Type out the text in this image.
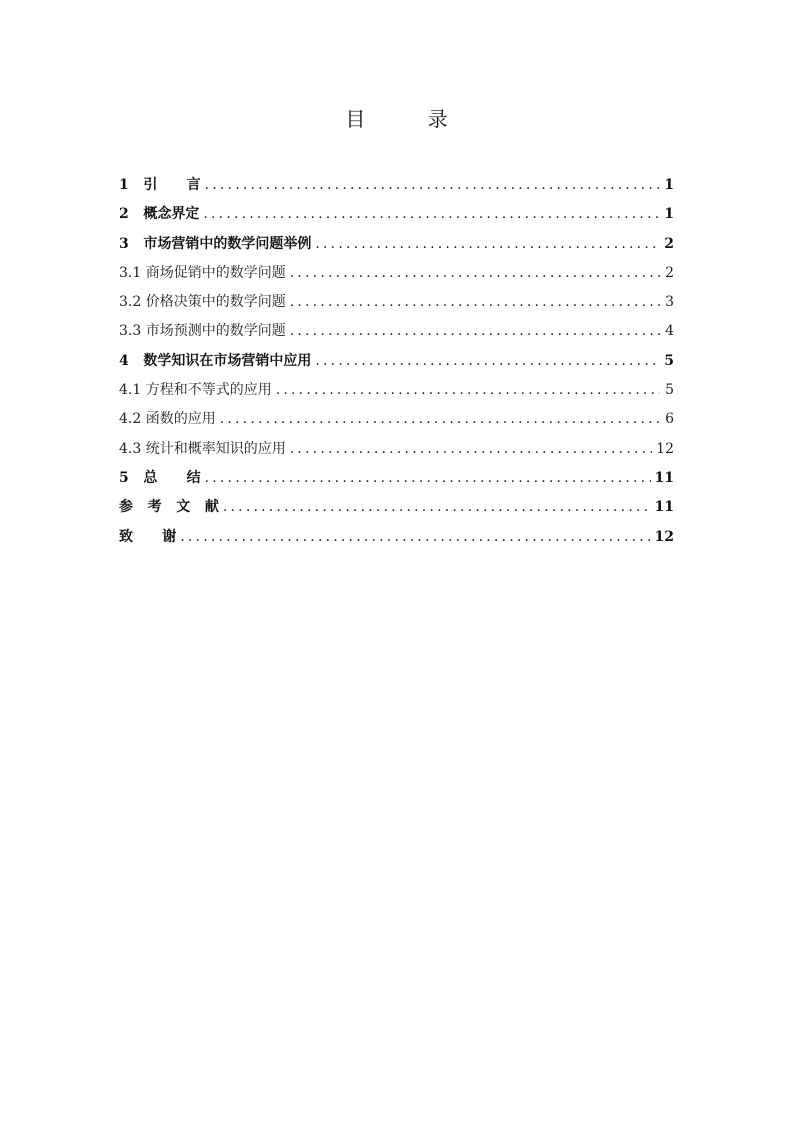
目 录
1   引      言 .....	1
2   概念界定 .....	1
3   市场营销中的数学问题举例 .....	2
3.1 商场促销中的数学问题 .....	2
3.2 价格决策中的数学问题 .....	3
3.3 市场预测中的数学问题 .....	4
4   数学知识在市场营销中应用 .....	5
4.1 方程和不等式的应用 .....	5
4.2 函数的应用 .....	6
4.3 统计和概率知识的应用 .....	12
5   总      结 .....	11
参   考   文   献 .....	11
致      谢 .....	12
